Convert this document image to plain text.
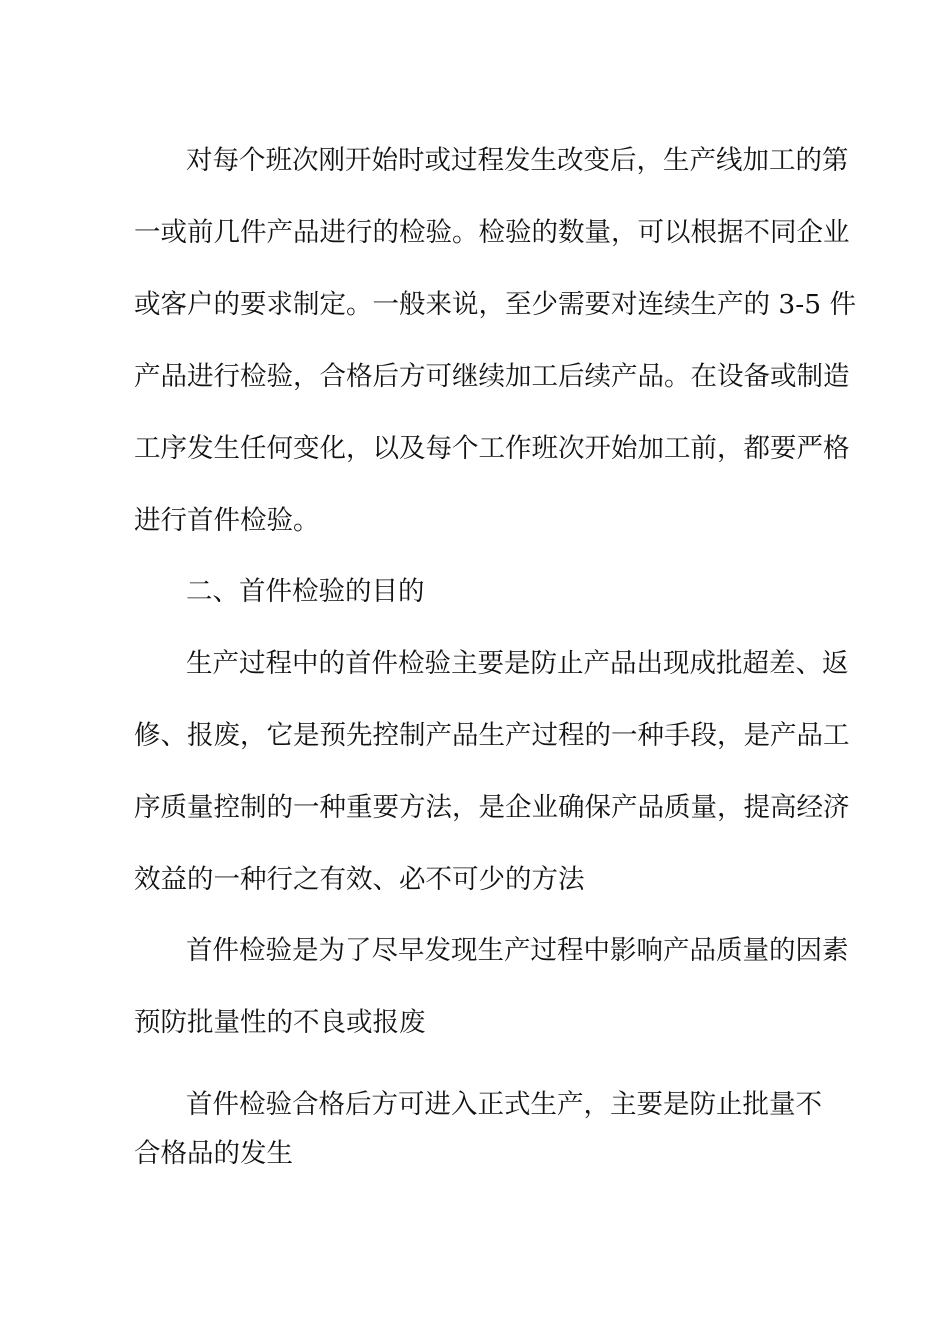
对每个班次刚开始时或过程发生改变后，生产线加工的第
一或前几件产品进行的检验。检验的数量，可以根据不同企业
或客户的要求制定。一般来说，至少需要对连续生产的 3-5 件
产品进行检验，合格后方可继续加工后续产品。在设备或制造
工序发生任何变化，以及每个工作班次开始加工前，都要严格
进行首件检验。
二、首件检验的目的
生产过程中的首件检验主要是防止产品出现成批超差、返
修、报废，它是预先控制产品生产过程的一种手段，是产品工
序质量控制的一种重要方法，是企业确保产品质量，提高经济
效益的一种行之有效、必不可少的方法
首件检验是为了尽早发现生产过程中影响产品质量的因素
预防批量性的不良或报废
首件检验合格后方可进入正式生产，主要是防止批量不
合格品的发生
